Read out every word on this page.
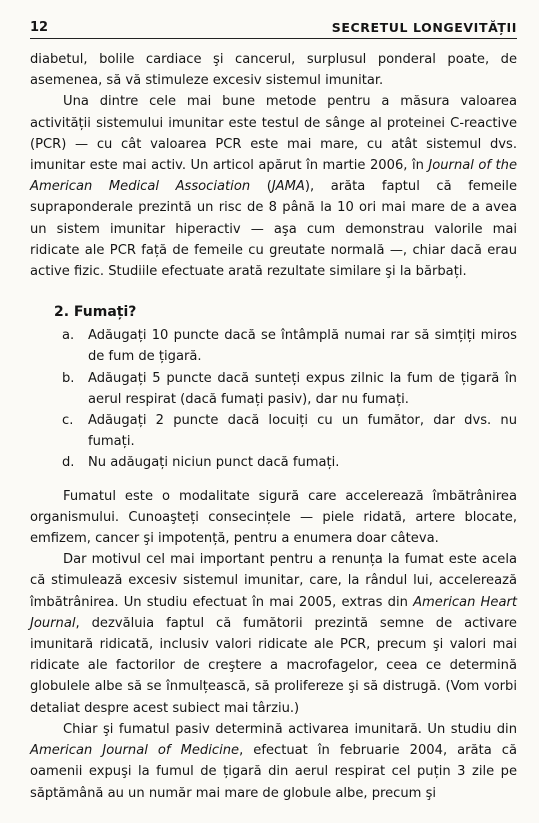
12	SECRETUL LONGEVITĂȚII

diabetul, bolile cardiace şi cancerul, surplusul ponderal poate, de asemenea, să vă stimuleze excesiv sistemul imunitar.

Una dintre cele mai bune metode pentru a măsura valoarea activității sistemului imunitar este testul de sânge al proteinei C-reactive (PCR) — cu cât valoarea PCR este mai mare, cu atât sistemul dvs. imunitar este mai activ. Un articol apărut în martie 2006, în Journal of the American Medical Association (JAMA), arăta faptul că femeile supraponderale prezintă un risc de 8 până la 10 ori mai mare de a avea un sistem imunitar hiperactiv — aşa cum demonstrau valorile mai ridicate ale PCR față de femeile cu greutate normală —, chiar dacă erau active fizic. Studiile efectuate arată rezultate similare şi la bărbați.

2. Fumați?
a.	Adăugați 10 puncte dacă se întâmplă numai rar să simțiți miros de fum de țigară.
b.	Adăugați 5 puncte dacă sunteți expus zilnic la fum de țigară în aerul respirat (dacă fumați pasiv), dar nu fumați.
c.	Adăugați 2 puncte dacă locuiți cu un fumător, dar dvs. nu fumați.
d.	Nu adăugați niciun punct dacă fumați.

Fumatul este o modalitate sigură care accelerează îmbătrânirea organismului. Cunoaşteți consecințele — piele ridată, artere blocate, emfizem, cancer şi impotență, pentru a enumera doar câteva.

Dar motivul cel mai important pentru a renunța la fumat este acela că stimulează excesiv sistemul imunitar, care, la rândul lui, accelerează îmbătrânirea. Un studiu efectuat în mai 2005, extras din American Heart Journal, dezvăluia faptul că fumătorii prezintă semne de activare imunitară ridicată, inclusiv valori ridicate ale PCR, precum şi valori mai ridicate ale factorilor de creştere a macrofagelor, ceea ce determină globulele albe să se înmulțească, să prolifereze şi să distrugă. (Vom vorbi detaliat despre acest subiect mai târziu.)

Chiar şi fumatul pasiv determină activarea imunitară. Un studiu din American Journal of Medicine, efectuat în februarie 2004, arăta că oamenii expuşi la fumul de țigară din aerul respirat cel puțin 3 zile pe săptămână au un număr mai mare de globule albe, precum şi
